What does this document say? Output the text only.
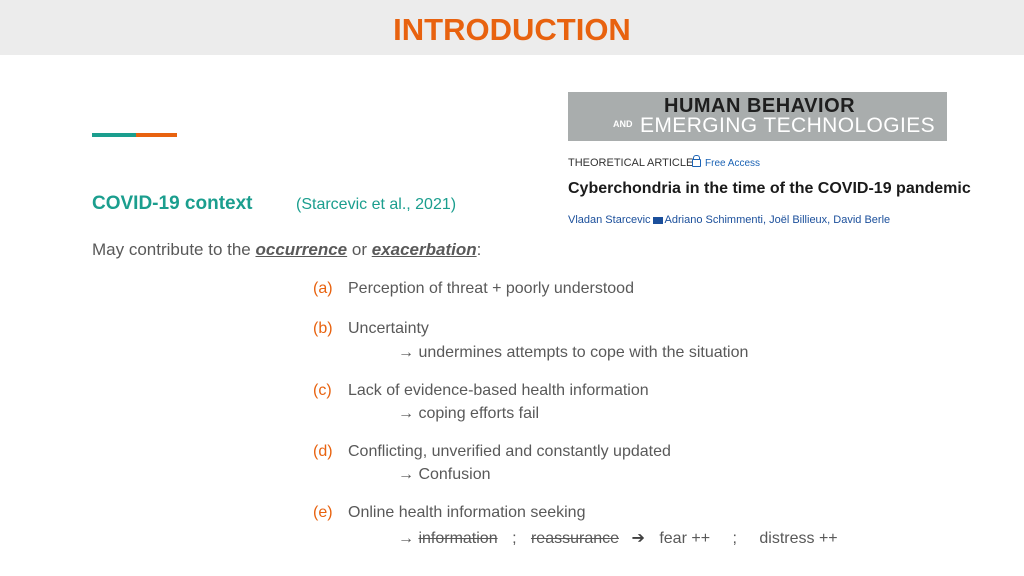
INTRODUCTION
COVID-19 context	(Starcevic et al., 2021)
May contribute to the occurrence or exacerbation:
(a) Perception of threat + poorly understood
(b) Uncertainty
→ undermines attempts to cope with the situation
(c) Lack of evidence-based health information
→ coping efforts fail
(d) Conflicting, unverified and constantly updated
→ Confusion
(e) Online health information seeking
→ information ; reassurance ➔ fear ++ ; distress ++
HUMAN BEHAVIOR
AND EMERGING TECHNOLOGIES
THEORETICAL ARTICLE	Free Access
Cyberchondria in the time of the COVID-19 pandemic
Vladan Starcevic Adriano Schimmenti, Joël Billieux, David Berle
